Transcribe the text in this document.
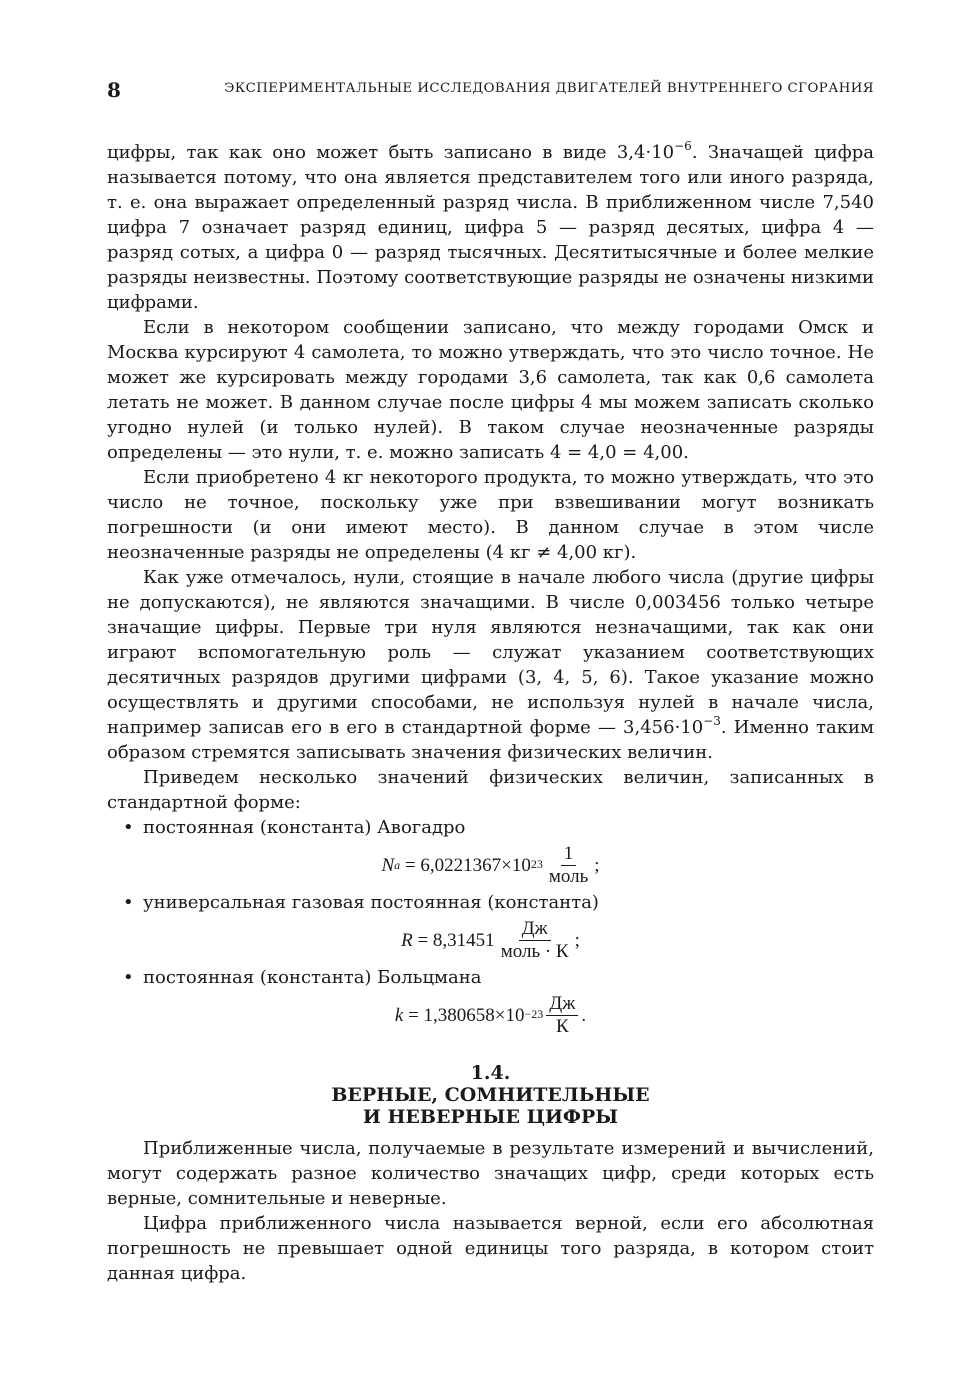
8	ЭКСПЕРИМЕНТАЛЬНЫЕ ИССЛЕДОВАНИЯ ДВИГАТЕЛЕЙ ВНУТРЕННЕГО СГОРАНИЯ

цифры, так как оно может быть записано в виде $3,4\cdot 10^{-6}$. Значащей цифра называется потому, что она является представителем того или иного разряда, т. е. она выражает определенный разряд числа. В приближенном числе 7,540 цифра 7 означает разряд единиц, цифра 5 — разряд десятых, цифра 4 — разряд сотых, а цифра 0 — разряд тысячных. Десятитысячные и более мелкие разряды неизвестны. Поэтому соответствующие разряды не означены низкими цифрами.

Если в некотором сообщении записано, что между городами Омск и Москва курсируют 4 самолета, то можно утверждать, что это число точное. Не может же курсировать между городами 3,6 самолета, так как 0,6 самолета летать не может. В данном случае после цифры 4 мы можем записать сколько угодно нулей (и только нулей). В таком случае неозначенные разряды определены — это нули, т. е. можно записать 4 = 4,0 = 4,00.

Если приобретено 4 кг некоторого продукта, то можно утверждать, что это число не точное, поскольку уже при взвешивании могут возникать погрешности (и они имеют место). В данном случае в этом числе неозначенные разряды не определены (4 кг ≠ 4,00 кг).

Как уже отмечалось, нули, стоящие в начале любого числа (другие цифры не допускаются), не являются значащими. В числе 0,003456 только четыре значащие цифры. Первые три нуля являются незначащими, так как они играют вспомогательную роль — служат указанием соответствующих десятичных разрядов другими цифрами (3, 4, 5, 6). Такое указание можно осуществлять и другими способами, не используя нулей в начале числа, например записав его в его в стандартной форме — $3,456\cdot 10^{-3}$. Именно таким образом стремятся записывать значения физических величин.

Приведем несколько значений физических величин, записанных в стандартной форме:

• постоянная (константа) Авогадро

N $a = 6,0221367\times 10^{23} \frac{1}{\text{моль}}$ ;

• универсальная газовая постоянная (константа)

$R = 8,31451 \frac{Дж}{\text{моль · К}}$ ;

• постоянная (константа) Больцмана

$k = 1,380658\times 10^{-23} \frac{Дж}{К}$ .
1.4.
ВЕРНЫЕ, СОМНИТЕЛЬНЫЕ
И НЕВЕРНЫЕ ЦИФРЫ

Приближенные числа, получаемые в результате измерений и вычислений, могут содержать разное количество значащих цифр, среди которых есть верные, сомнительные и неверные.

Цифра приближенного числа называется верной, если его абсолютная погрешность не превышает одной единицы того разряда, в котором стоит данная цифра.
